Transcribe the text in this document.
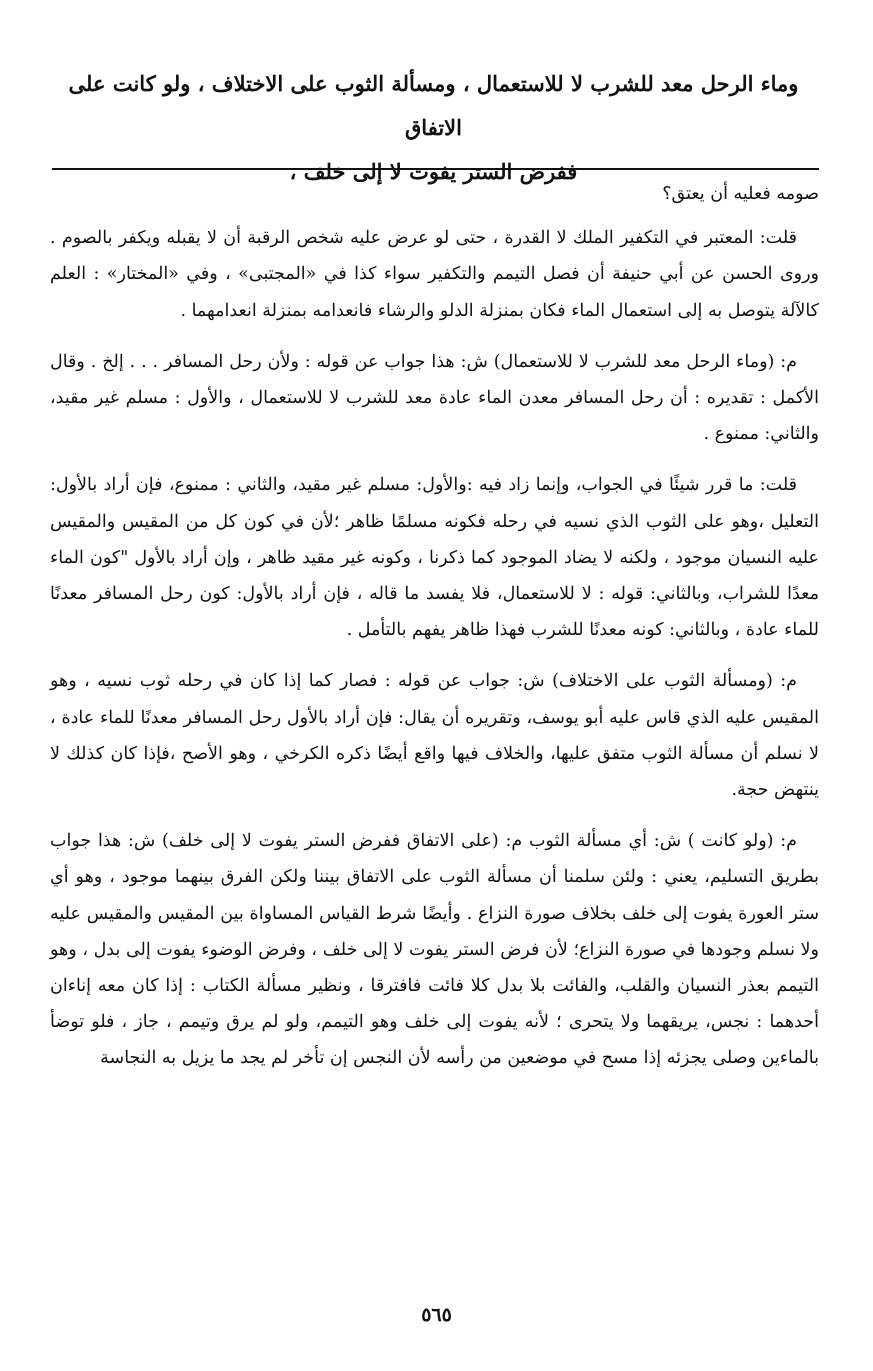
وماء الرحل معد للشرب لا للاستعمال ، ومسألة الثوب على الاختلاف ، ولو كانت على الاتفاق

ففرض الستر يفوت لا إلى خلف ،

صومه فعليه أن يعتق؟

قلت: المعتبر في التكفير الملك لا القدرة ، حتى لو عرض عليه شخص الرقبة أن لا يقبله ويكفر بالصوم . وروى الحسن عن أبي حنيفة أن فصل التيمم والتكفير سواء كذا في «المجتبى» ، وفي «المختار» : العلم كالآلة يتوصل به إلى استعمال الماء فكان بمنزلة الدلو والرشاء فانعدامه بمنزلة انعدامهما .

م: (وماء الرحل معد للشرب لا للاستعمال) ش: هذا جواب عن قوله : ولأن رحل المسافر . . . إلخ . وقال الأكمل : تقديره : أن رحل المسافر معدن الماء عادة معد للشرب لا للاستعمال ، والأول : مسلم غير مقيد، والثاني: ممنوع .

قلت: ما قرر شيئًا في الجواب، وإنما زاد فيه :والأول: مسلم غير مقيد، والثاني : ممنوع، فإن أراد بالأول: التعليل ،وهو على الثوب الذي نسيه في رحله فكونه مسلمًا ظاهر ؛لأن في كون كل من المقيس والمقيس عليه النسيان موجود ، ولكنه لا يضاد الموجود كما ذكرنا ، وكونه غير مقيد ظاهر ، وإن أراد بالأول "كون الماء معدًا للشراب، وبالثاني: قوله : لا للاستعمال، فلا يفسد ما قاله ، فإن أراد بالأول: كون رحل المسافر معدنًا للماء عادة ، وبالثاني: كونه معدنًا للشرب فهذا ظاهر يفهم بالتأمل .

م: (ومسألة الثوب على الاختلاف) ش: جواب عن قوله : فصار كما إذا كان في رحله ثوب نسيه ، وهو المقيس عليه الذي قاس عليه أبو يوسف، وتقريره أن يقال: فإن أراد بالأول رحل المسافر معدنًا للماء عادة ، لا نسلم أن مسألة الثوب متفق عليها، والخلاف فيها واقع أيضًا ذكره الكرخي ، وهو الأصح ،فإذا كان كذلك لا ينتهض حجة.

م: (ولو كانت ) ش: أي مسألة الثوب م: (على الاتفاق ففرض الستر يفوت لا إلى خلف) ش: هذا جواب بطريق التسليم، يعني : ولئن سلمنا أن مسألة الثوب على الاتفاق بيننا ولكن الفرق بينهما موجود ، وهو أي ستر العورة يفوت إلى خلف بخلاف صورة النزاع . وأيضًا شرط القياس المساواة بين المقيس والمقيس عليه ولا نسلم وجودها في صورة النزاع؛ لأن فرض الستر يفوت لا إلى خلف ، وفرض الوضوء يفوت إلى بدل ، وهو التيمم بعذر النسيان والقلب، والفائت بلا بدل كلا فائت فافترقا ، ونظير مسألة الكتاب : إذا كان معه إناءان أحدهما : نجس، يريقهما ولا يتحرى ؛ لأنه يفوت إلى خلف وهو التيمم، ولو لم يرق وتيمم ، جاز ، فلو توضأ بالماءين وصلى يجزئه إذا مسح في موضعين من رأسه لأن النجس إن تأخر لم يجد ما يزيل به النجاسة

٥٦٥
